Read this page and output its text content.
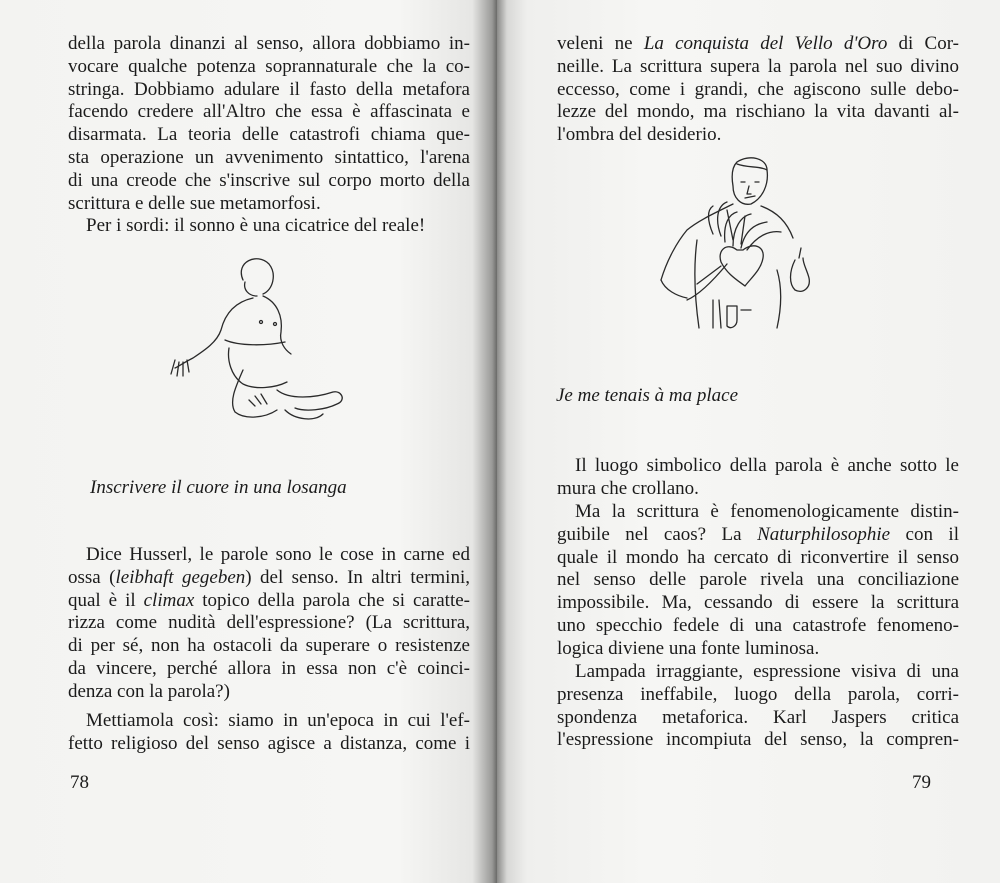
della parola dinanzi al senso, allora dobbiamo in-
vocare qualche potenza soprannaturale che la co-
stringa. Dobbiamo adulare il fasto della metafora
facendo credere all'Altro che essa è affascinata e
disarmata. La teoria delle catastrofi chiama que-
sta operazione un avvenimento sintattico, l'arena
di una creode che s'inscrive sul corpo morto della
scrittura e delle sue metamorfosi.
Per i sordi: il sonno è una cicatrice del reale!
Inscrivere il cuore in una losanga
Dice Husserl, le parole sono le cose in carne ed
ossa (leibhaft gegeben) del senso. In altri termini,
qual è il climax topico della parola che si caratte-
rizza come nudità dell'espressione? (La scrittura,
di per sé, non ha ostacoli da superare o resistenze
da vincere, perché allora in essa non c'è coinci-
denza con la parola?)
Mettiamola così: siamo in un'epoca in cui l'ef-
fetto religioso del senso agisce a distanza, come i
78
veleni ne La conquista del Vello d'Oro di Cor-
neille. La scrittura supera la parola nel suo divino
eccesso, come i grandi, che agiscono sulle debo-
lezze del mondo, ma rischiano la vita davanti al-
l'ombra del desiderio.
Je me tenais à ma place
Il luogo simbolico della parola è anche sotto le
mura che crollano.
Ma la scrittura è fenomenologicamente distin-
guibile nel caos? La Naturphilosophie con il
quale il mondo ha cercato di riconvertire il senso
nel senso delle parole rivela una conciliazione
impossibile. Ma, cessando di essere la scrittura
uno specchio fedele di una catastrofe fenomeno-
logica diviene una fonte luminosa.
Lampada irraggiante, espressione visiva di una
presenza ineffabile, luogo della parola, corri-
spondenza metaforica. Karl Jaspers critica
l'espressione incompiuta del senso, la compren-
79
